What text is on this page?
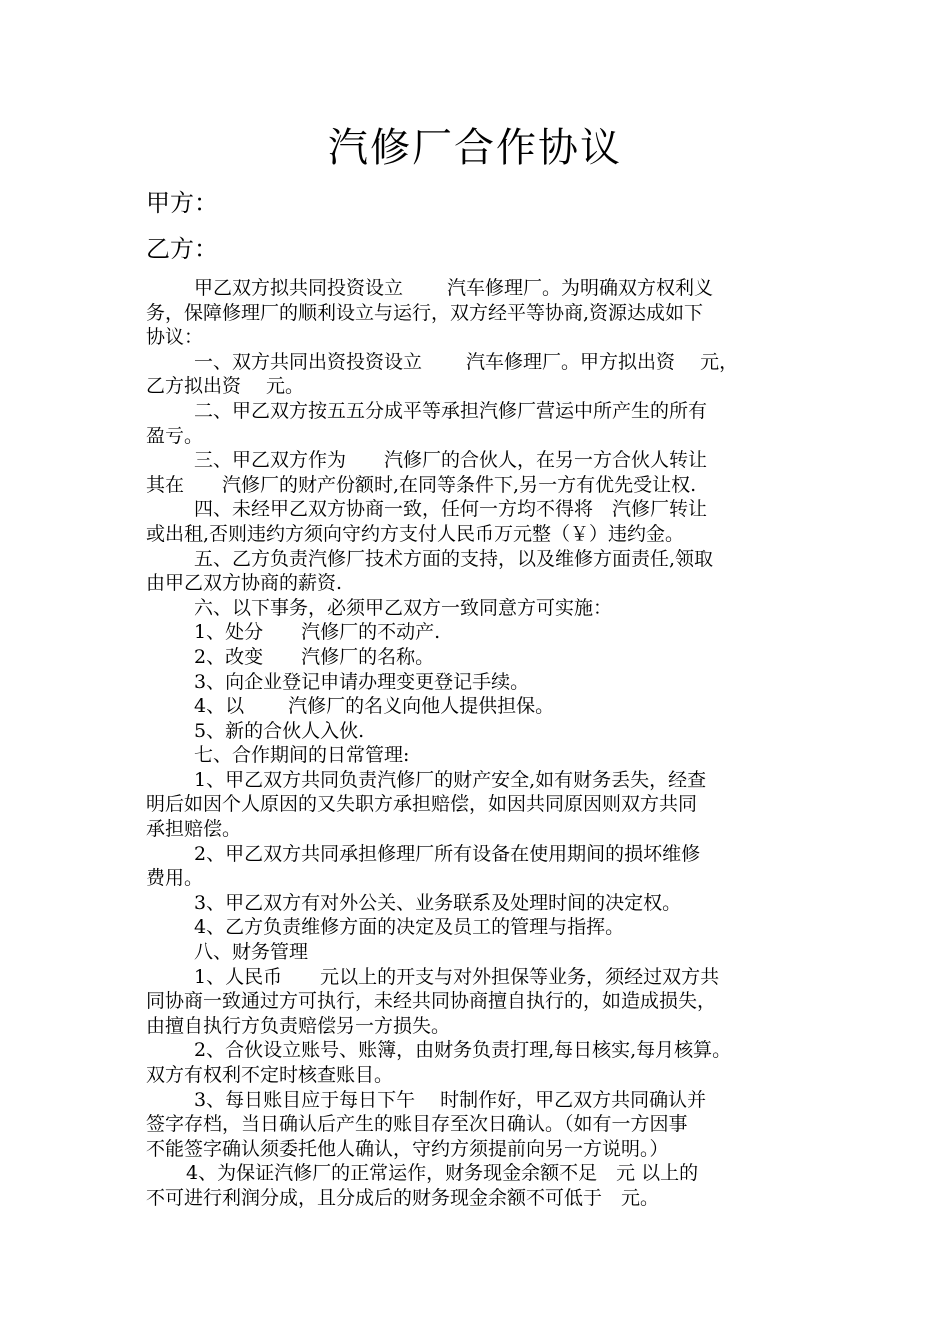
汽修厂合作协议
甲方：
乙方：
甲乙双方拟共同投资设立　　 汽车修理厂。为明确双方权利义
务，保障修理厂的顺利设立与运行，双方经平等协商,资源达成如下
协议：
一、双方共同出资投资设立　　 汽车修理厂。甲方拟出资　 元，
乙方拟出资　 元。
二、甲乙双方按五五分成平等承担汽修厂营运中所产生的所有
盈亏。
三、甲乙双方作为　　汽修厂的合伙人，在另一方合伙人转让
其在　　汽修厂的财产份额时,在同等条件下,另一方有优先受让权.
四、未经甲乙双方协商一致，任何一方均不得将　汽修厂转让
或出租,否则违约方须向守约方支付人民币万元整（￥）违约金。
五、乙方负责汽修厂技术方面的支持，以及维修方面责任,领取
由甲乙双方协商的薪资.
六、以下事务，必须甲乙双方一致同意方可实施：
1、处分　　汽修厂的不动产.
2、改变　　汽修厂的名称。
3、向企业登记申请办理变更登记手续。
4、以　　 汽修厂的名义向他人提供担保。
5、新的合伙人入伙.
七、合作期间的日常管理:
1、甲乙双方共同负责汽修厂的财产安全,如有财务丢失，经查
明后如因个人原因的又失职方承担赔偿，如因共同原因则双方共同
承担赔偿。
2、甲乙双方共同承担修理厂所有设备在使用期间的损坏维修
费用。
3、甲乙双方有对外公关、业务联系及处理时间的决定权。
4、乙方负责维修方面的决定及员工的管理与指挥。
八、财务管理
1、人民币　　元以上的开支与对外担保等业务，须经过双方共
同协商一致通过方可执行，未经共同协商擅自执行的，如造成损失，
由擅自执行方负责赔偿另一方损失。
2、合伙设立账号、账簿，由财务负责打理,每日核实,每月核算。
双方有权利不定时核查账目。
3、每日账目应于每日下午　 时制作好，甲乙双方共同确认并
签字存档，当日确认后产生的账目存至次日确认。（如有一方因事
不能签字确认须委托他人确认，守约方须提前向另一方说明。）
4、为保证汽修厂的正常运作，财务现金余额不足　元 以上的
不可进行利润分成，且分成后的财务现金余额不可低于　元。
